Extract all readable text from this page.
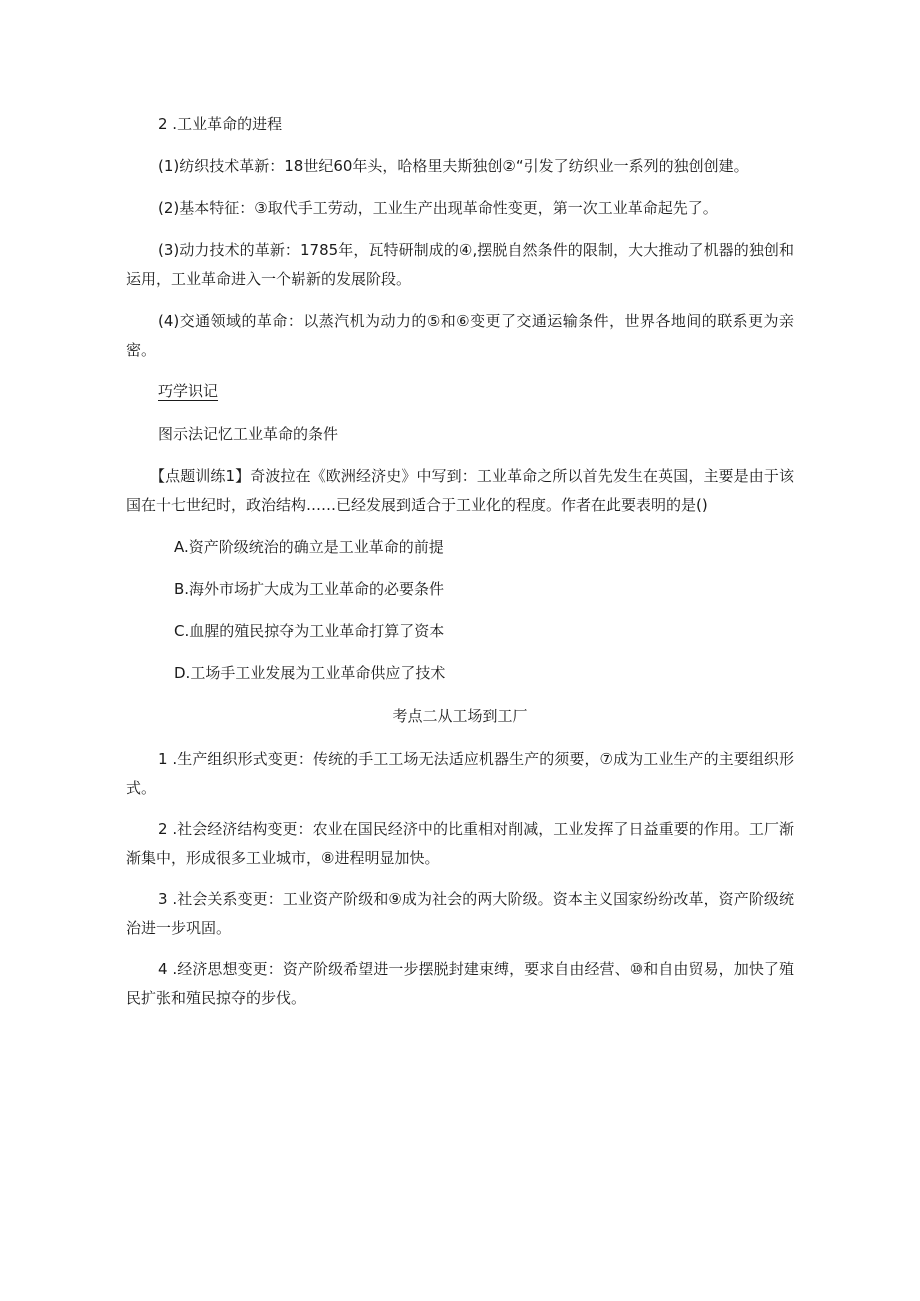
2 .工业革命的进程

(1)纺织技术革新：18世纪60年头，哈格里夫斯独创②“引发了纺织业一系列的独创创建。

(2)基本特征：③取代手工劳动，工业生产出现革命性变更，第一次工业革命起先了。

(3)动力技术的革新：1785年，瓦特研制成的④,摆脱自然条件的限制，大大推动了机器的独创和运用，工业革命进入一个崭新的发展阶段。

(4)交通领域的革命：以蒸汽机为动力的⑤和⑥变更了交通运输条件，世界各地间的联系更为亲密。

巧学识记

图示法记忆工业革命的条件

【点题训练1】奇波拉在《欧洲经济史》中写到：工业革命之所以首先发生在英国，主要是由于该国在十七世纪时，政治结构……已经发展到适合于工业化的程度。作者在此要表明的是()

A.资产阶级统治的确立是工业革命的前提

B.海外市场扩大成为工业革命的必要条件

C.血腥的殖民掠夺为工业革命打算了资本

D.工场手工业发展为工业革命供应了技术

考点二从工场到工厂

1 .生产组织形式变更：传统的手工工场无法适应机器生产的须要，⑦成为工业生产的主要组织形式。

2 .社会经济结构变更：农业在国民经济中的比重相对削减，工业发挥了日益重要的作用。工厂渐渐集中，形成很多工业城市，⑧进程明显加快。

3 .社会关系变更：工业资产阶级和⑨成为社会的两大阶级。资本主义国家纷纷改革，资产阶级统治进一步巩固。

4 .经济思想变更：资产阶级希望进一步摆脱封建束缚，要求自由经营、⑩和自由贸易，加快了殖民扩张和殖民掠夺的步伐。
